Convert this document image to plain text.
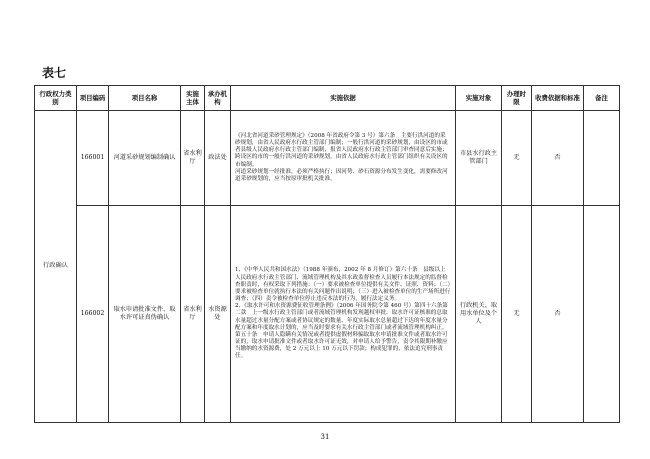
表七
行政权力类别	项目编码	项目名称	实施主体	承办机构	实施依据	实施对象	办理时限	收费依据和标准	备注
行政确认	166001	河道采砂规划编制确认	省水利厅	政法处	《河北省河道采砂管理规定》（2008 年省政府令第 3 号）第六条　主要行洪河道的采砂规划，由省人民政府水行政主管部门编制；一般行洪河道的采砂规划，由设区的市或者县级人民政府水行政主管部门编制，报省人民政府水行政主管部门审查同意后实施；跨设区的市的一般行洪河道的采砂规划，由省人民政府水行政主管部门组织有关设区的市编制。

河道采砂规划一经批准，必须严格执行；因河势、砂石资源分布发生变化，需要修改河道采砂规划的，应当按原审批机关批准。	市县水行政主管部门	无	否	
	166002	取水申请批准文件、取水许可证真伪确认	省水利厅	水资源处	1、《中华人民共和国水法》（1988 年颁布，2002 年 8 月修订）第六十条　县级以上人民政府水行政主管部门、流域管理机构及其水政监督检查人员履行本法规定的监督检查职责时，有权采取下列措施：（一）要求被检查单位提供有关文件、证照、资料；（二）要求被检查单位就执行本法的有关问题作出说明；（三）进入被检查单位的生产场所进行调查；（四）责令被检查单位停止违反本法的行为，履行法定义务。

2、《取水许可和水资源费征收管理条例》（2006 年国务院令第 460 号）第四十六条第二款　上一级水行政主管部门或者流域管理机构发现越权审批、取水许可证核准的总取水量超过水量分配方案或者协议规定的数量、年度实际取水总量超过下达的年度水量分配方案和年度取水计划的，应当及时要求有关水行政主管部门或者流域管理机构纠正。

第五十条　申请人隐瞒有关情况或者提供虚假材料骗取取水申请批准文件或者取水许可证的，取水申请批准文件或者取水许可证无效，对申请人给予警告，责令其限期补缴应当缴纳的水资源费，处 2 万元以上 10 万元以下罚款；构成犯罪的，依法追究刑事责任。	行政机关、取用水单位及个人	无	否	
31
